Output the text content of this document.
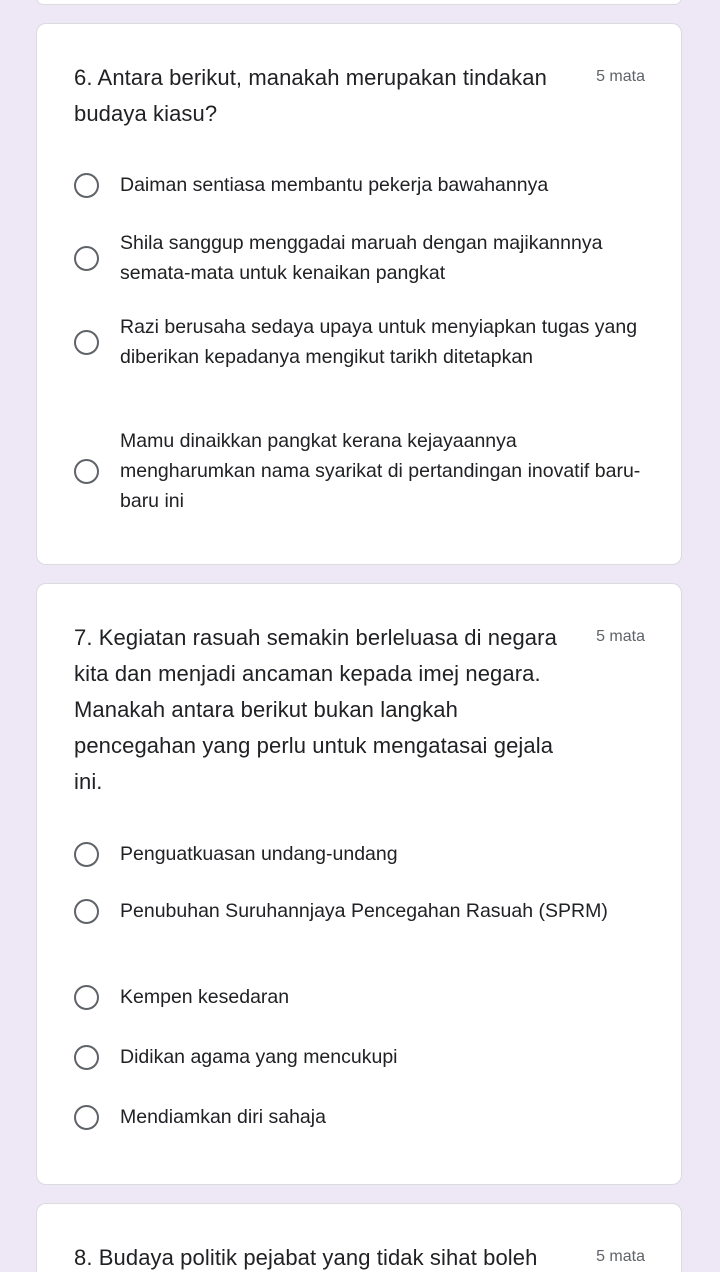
6. Antara berikut, manakah merupakan tindakan budaya kiasu?
5 mata
Daiman sentiasa membantu pekerja bawahannya
Shila sanggup menggadai maruah dengan majikannnya semata-mata untuk kenaikan pangkat
Razi berusaha sedaya upaya untuk menyiapkan tugas yang diberikan kepadanya mengikut tarikh ditetapkan
Mamu dinaikkan pangkat kerana kejayaannya mengharumkan nama syarikat di pertandingan inovatif baru-baru ini
7. Kegiatan rasuah semakin berleluasa di negara kita dan menjadi ancaman kepada imej negara. Manakah antara berikut bukan langkah pencegahan yang perlu untuk mengatasai gejala ini.
5 mata
Penguatkuasan undang-undang
Penubuhan Suruhannjaya Pencegahan Rasuah (SPRM)
Kempen kesedaran
Didikan agama yang mencukupi
Mendiamkan diri sahaja
8. Budaya politik pejabat yang tidak sihat boleh	5 mata
